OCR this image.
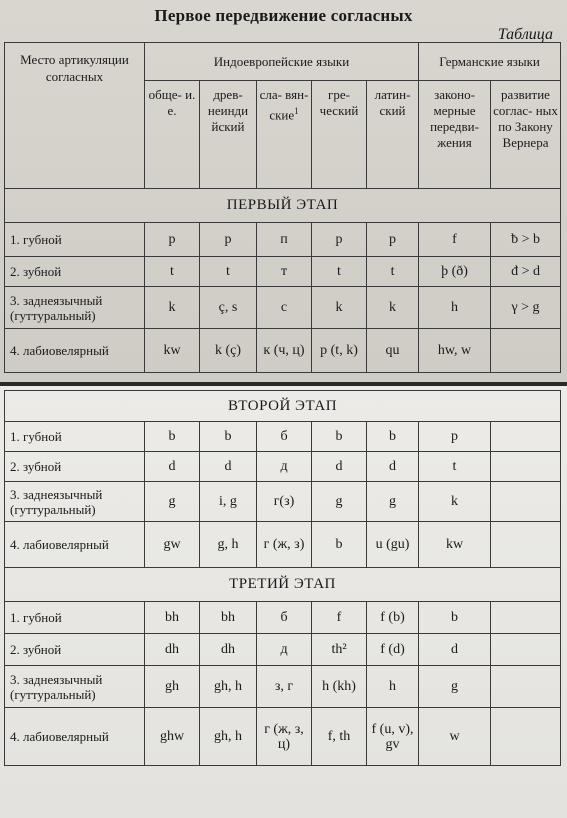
Первое передвижение согласных
Таблица
Место артикуляции согласных	Индоевропейские языки					Германские языки	
	обще- и. е.	древ- неинди йский	сла- вян- ские$^1$	гре- ческий	латин- ский	законо- мерные передви- жения	развитие соглас- ных по Закону Вернера
ПЕРВЫЙ ЭТАП							
1. губной	p	p	п	p	p	f	ƀ > b
2. зубной	t	t	т	t	t	þ (ð)	đ > d
3. заднеязычный (гуттуральный)	k	ç, s	с	k	k	h	γ > g
4. лабиовелярный	kw	k (ç)	к (ч, ц)	p (t, k)	qu	hw, w	
ВТОРОЙ ЭТАП							
1. губной	b	b	б	b	b	p	
2. зубной	d	d	д	d	d	t	
3. заднеязычный (гуттуральный)	g	i, g	г(з)	g	g	k	
4. лабиовелярный	gw	g, h	г (ж, з)	b	u (gu)	kw	
ТРЕТИЙ ЭТАП							
1. губной	bh	bh	б	f	f (b)	b	
2. зубной	dh	dh	д	th²	f (d)	d	
3. заднеязычный (гуттуральный)	gh	gh, h	з, г	h (kh)	h	g	
4. лабиовелярный	ghw	gh, h	г (ж, з, ц)	f, th	f (u, v), gv	w	
